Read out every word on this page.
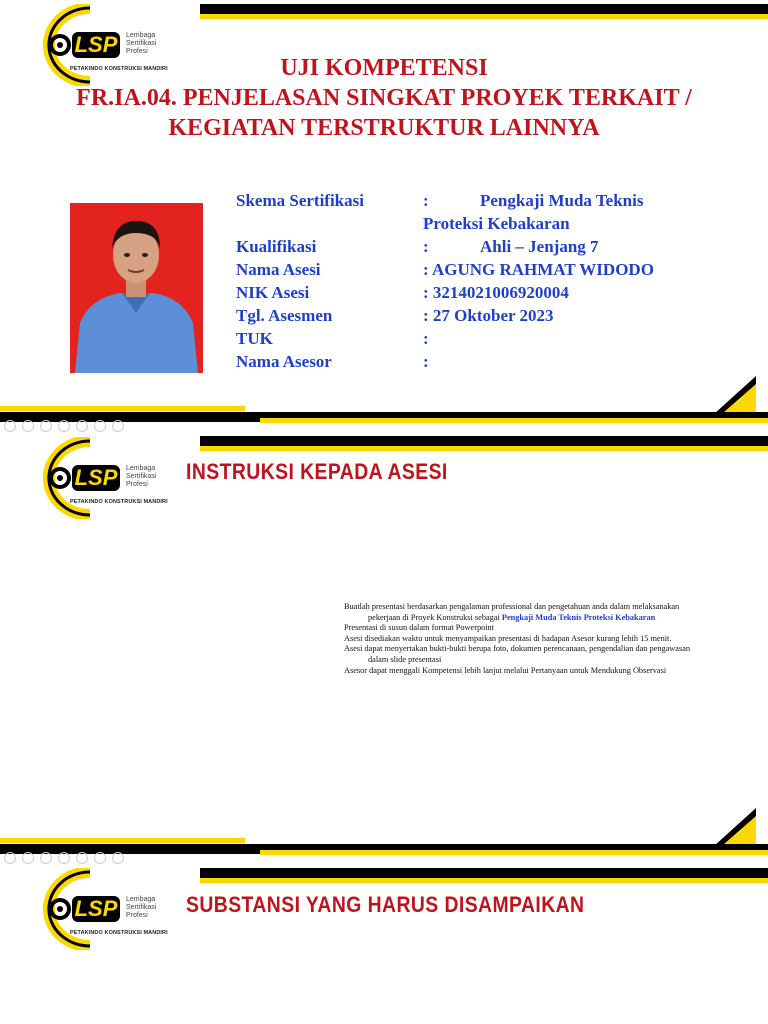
LSP Lembaga
Sertifikasi
Profesi
PETAKINDO KONSTRUKSI MANDIRI	UJI KOMPETENSI
FR.IA.04. PENJELASAN SINGKAT PROYEK TERKAIT /
KEGIATAN TERSTRUKTUR LAINNYA
Skema Sertifikasi	:	Pengkaji Muda Teknis
Proteksi Kebakaran
Kualifikasi	:	Ahli – Jenjang 7
Nama Asesi	: AGUNG RAHMAT WIDODO
NIK Asesi	: 3214021006920004
Tgl. Asesmen	: 27 Oktober 2023
TUK	:
Nama Asesor	:
LSP Lembaga
Sertifikasi
Profesi
PETAKINDO KONSTRUKSI MANDIRI
INSTRUKSI KEPADA ASESI
Buatlah presentasi berdasarkan pengalaman professional dan pengetahuan anda dalam melaksanakan
pekerjaan di Proyek Konstruksi sebagai Pengkaji Muda Teknis Proteksi Kebakaran
Presentasi di susun dalam format Powerpoint
Asesi disediakan waktu untuk menyampaikan presentasi di hadapan Asesor kurang lebih 15 menit.
Asesi dapat menyertakan bukti-bukti berupa foto, dokumen perencanaan, pengendalian dan pengawasan
dalam slide presentasi
Asesor dapat menggali Kompetensi lebih lanjut melalui Pertanyaan untuk Mendukung Observasi
LSP Lembaga
Sertifikasi
Profesi
PETAKINDO KONSTRUKSI MANDIRI
SUBSTANSI YANG HARUS DISAMPAIKAN
